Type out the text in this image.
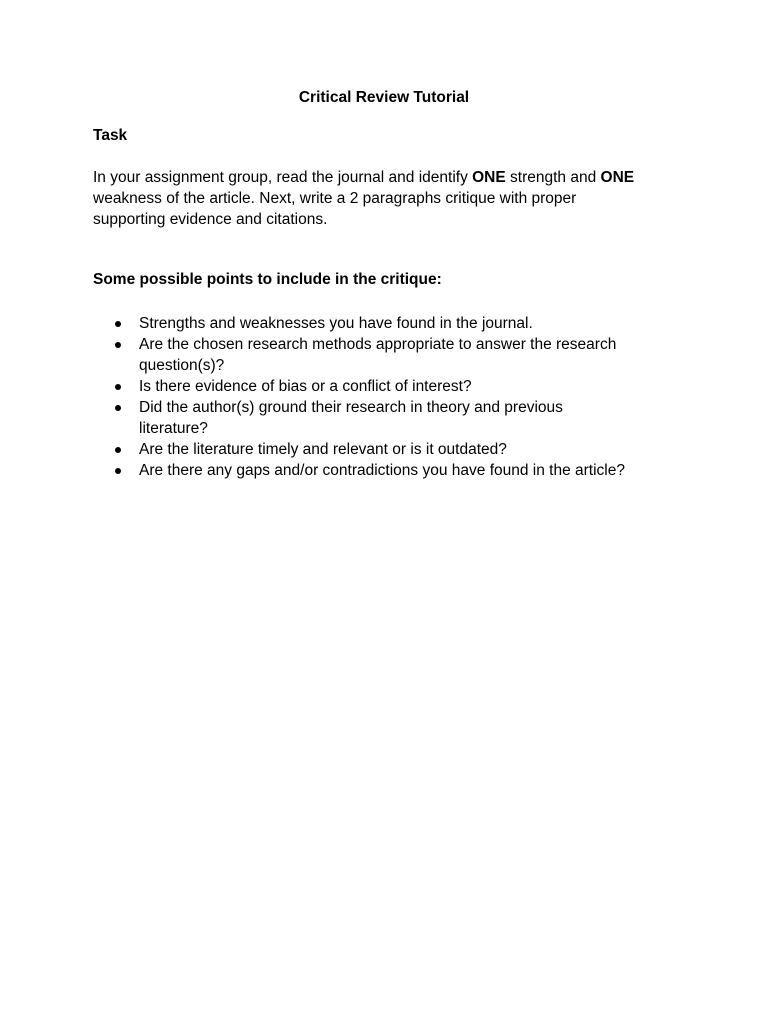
Critical Review Tutorial
Task
In your assignment group, read the journal and identify ONE strength and ONE
weakness of the article. Next, write a 2 paragraphs critique with proper
supporting evidence and citations.
Some possible points to include in the critique:
Strengths and weaknesses you have found in the journal.
Are the chosen research methods appropriate to answer the research
question(s)?
Is there evidence of bias or a conflict of interest?
Did the author(s) ground their research in theory and previous
literature?
Are the literature timely and relevant or is it outdated?
Are there any gaps and/or contradictions you have found in the article?
